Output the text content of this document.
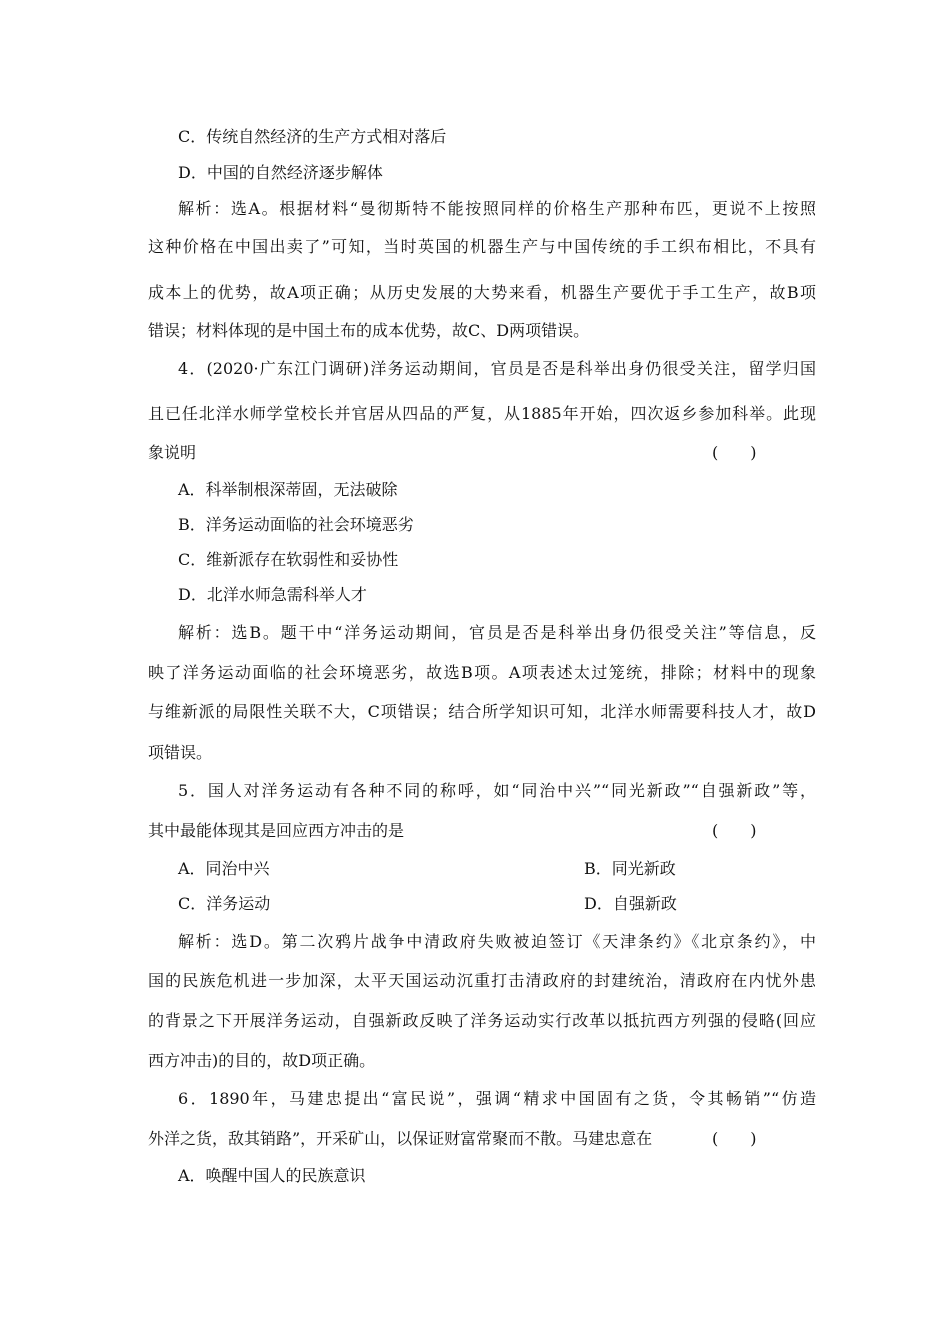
C．传统自然经济的生产方式相对落后
D．中国的自然经济逐步解体
解析：选A。根据材料“曼彻斯特不能按照同样的价格生产那种布匹，更说不上按照
这种价格在中国出卖了”可知，当时英国的机器生产与中国传统的手工织布相比，不具有
成本上的优势，故A项正确；从历史发展的大势来看，机器生产要优于手工生产，故B项
错误；材料体现的是中国土布的成本优势，故C、D两项错误。
4．(2020·广东江门调研)洋务运动期间，官员是否是科举出身仍很受关注，留学归国
且已任北洋水师学堂校长并官居从四品的严复，从1885年开始，四次返乡参加科举。此现
象说明	(　　)
A．科举制根深蒂固，无法破除
B．洋务运动面临的社会环境恶劣
C．维新派存在软弱性和妥协性
D．北洋水师急需科举人才
解析：选B。题干中“洋务运动期间，官员是否是科举出身仍很受关注”等信息，反
映了洋务运动面临的社会环境恶劣，故选B项。A项表述太过笼统，排除；材料中的现象
与维新派的局限性关联不大，C项错误；结合所学知识可知，北洋水师需要科技人才，故D
项错误。
5．国人对洋务运动有各种不同的称呼，如“同治中兴”“同光新政”“自强新政”等，
其中最能体现其是回应西方冲击的是	(　　)
A．同治中兴	B．同光新政
C．洋务运动	D．自强新政
解析：选D。第二次鸦片战争中清政府失败被迫签订《天津条约》《北京条约》，中
国的民族危机进一步加深，太平天国运动沉重打击清政府的封建统治，清政府在内忧外患
的背景之下开展洋务运动，自强新政反映了洋务运动实行改革以抵抗西方列强的侵略(回应
西方冲击)的目的，故D项正确。
6．1890年，马建忠提出“富民说”，强调“精求中国固有之货，令其畅销”“仿造
外洋之货，敌其销路”，开采矿山，以保证财富常聚而不散。马建忠意在	(　　)
A．唤醒中国人的民族意识
